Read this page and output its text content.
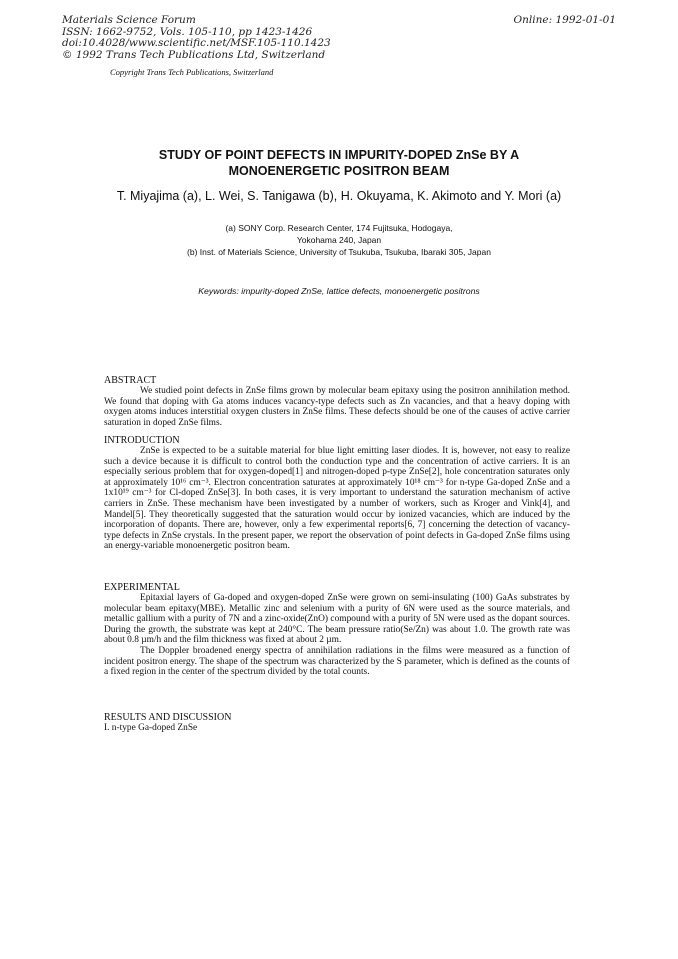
Materials Science Forum
ISSN: 1662-9752, Vols. 105-110, pp 1423-1426
doi:10.4028/www.scientific.net/MSF.105-110.1423
© 1992 Trans Tech Publications Ltd, Switzerland
Online: 1992-01-01
Copyright Trans Tech Publications, Switzerland
STUDY OF POINT DEFECTS IN IMPURITY-DOPED ZnSe BY A MONOENERGETIC POSITRON BEAM
T. Miyajima (a), L. Wei, S. Tanigawa (b), H. Okuyama, K. Akimoto and Y. Mori (a)
(a) SONY Corp. Research Center, 174 Fujitsuka, Hodogaya,
Yokohama 240, Japan
(b) Inst. of Materials Science, University of Tsukuba, Tsukuba, Ibaraki 305, Japan
Keywords: impurity-doped ZnSe, lattice defects, monoenergetic positrons
ABSTRACT

We studied point defects in ZnSe films grown by molecular beam epitaxy using the positron annihilation method. We found that doping with Ga atoms induces vacancy-type defects such as Zn vacancies, and that a heavy doping with oxygen atoms induces interstitial oxygen clusters in ZnSe films. These defects should be one of the causes of active carrier saturation in doped ZnSe films.

INTRODUCTION

ZnSe is expected to be a suitable material for blue light emitting laser diodes. It is, however, not easy to realize such a device because it is difficult to control both the conduction type and the concentration of active carriers. It is an especially serious problem that for oxygen-doped[1] and nitrogen-doped p-type ZnSe[2], hole concentration saturates only at approximately 10¹⁶ cm⁻³. Electron concentration saturates at approximately 10¹⁸ cm⁻³ for n-type Ga-doped ZnSe and a 1x10¹⁹ cm⁻³ for Cl-doped ZnSe[3]. In both cases, it is very important to understand the saturation mechanism of active carriers in ZnSe. These mechanism have been investigated by a number of workers, such as Kroger and Vink[4], and Mandel[5]. They theoretically suggested that the saturation would occur by ionized vacancies, which are induced by the incorporation of dopants. There are, however, only a few experimental reports[6, 7] concerning the detection of vacancy-type defects in ZnSe crystals. In the present paper, we report the observation of point defects in Ga-doped ZnSe films using an energy-variable monoenergetic positron beam.

EXPERIMENTAL

Epitaxial layers of Ga-doped and oxygen-doped ZnSe were grown on semi-insulating (100) GaAs substrates by molecular beam epitaxy(MBE). Metallic zinc and selenium with a purity of 6N were used as the source materials, and metallic gallium with a purity of 7N and a zinc-oxide(ZnO) compound with a purity of 5N were used as the dopant sources. During the growth, the substrate was kept at 240°C. The beam pressure ratio(Se/Zn) was about 1.0. The growth rate was about 0.8 µm/h and the film thickness was fixed at about 2 µm.

The Doppler broadened energy spectra of annihilation radiations in the films were measured as a function of incident positron energy. The shape of the spectrum was characterized by the S parameter, which is defined as the counts of a fixed region in the center of the spectrum divided by the total counts.

RESULTS AND DISCUSSION
I. n-type Ga-doped ZnSe
